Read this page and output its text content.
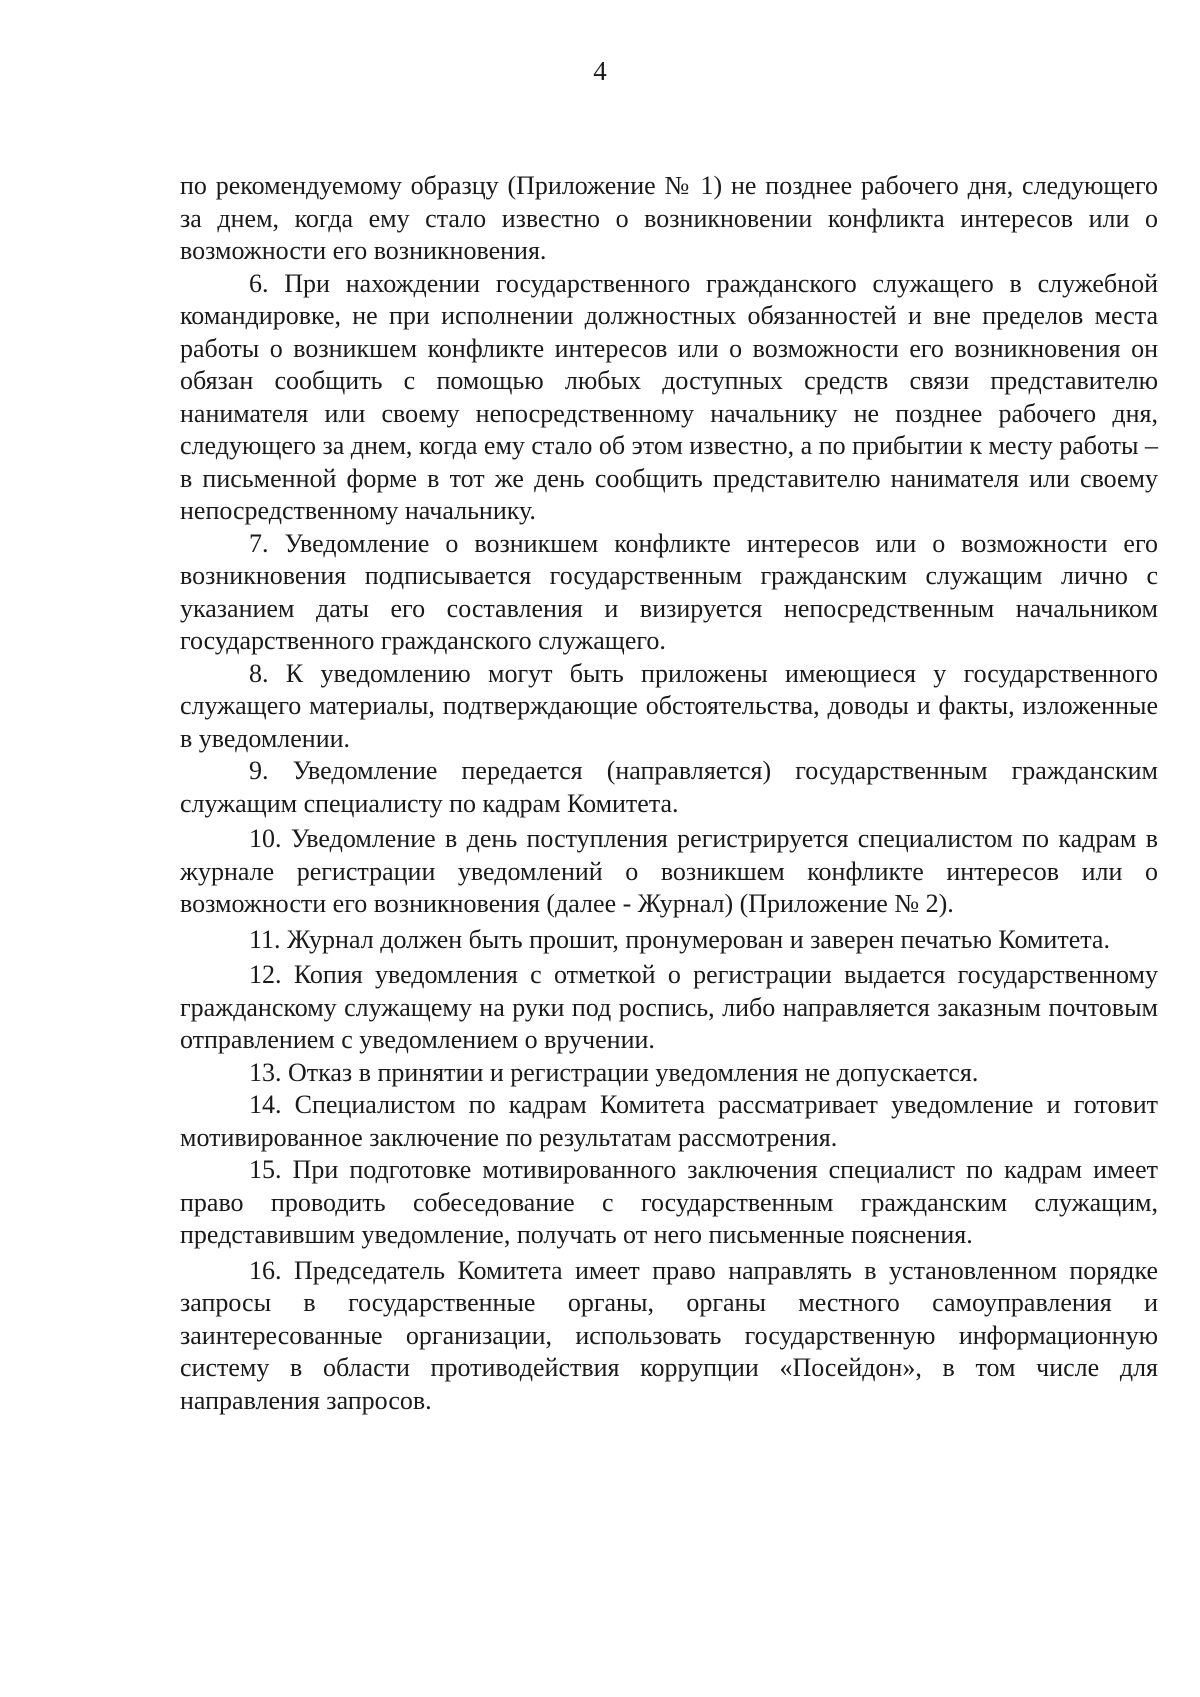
4

по рекомендуемому образцу (Приложение № 1) не позднее рабочего дня, следующего за днем, когда ему стало известно о возникновении конфликта интересов или о возможности его возникновения.

6. При нахождении государственного гражданского служащего в служебной командировке, не при исполнении должностных обязанностей и вне пределов места работы о возникшем конфликте интересов или о возможности его возникновения он обязан сообщить с помощью любых доступных средств связи представителю нанимателя или своему непосредственному начальнику не позднее рабочего дня, следующего за днем, когда ему стало об этом известно, а по прибытии к месту работы – в письменной форме в тот же день сообщить представителю нанимателя или своему непосредственному начальнику.

7. Уведомление о возникшем конфликте интересов или о возможности его возникновения подписывается государственным гражданским служащим лично с указанием даты его составления и визируется непосредственным начальником государственного гражданского служащего.

8. К уведомлению могут быть приложены имеющиеся у государственного служащего материалы, подтверждающие обстоятельства, доводы и факты, изложенные в уведомлении.

9. Уведомление передается (направляется) государственным гражданским служащим специалисту по кадрам Комитета.

10. Уведомление в день поступления регистрируется специалистом по кадрам в журнале регистрации уведомлений о возникшем конфликте интересов или о возможности его возникновения (далее - Журнал) (Приложение № 2).

11. Журнал должен быть прошит, пронумерован и заверен печатью Комитета.

12. Копия уведомления с отметкой о регистрации выдается государственному гражданскому служащему на руки под роспись, либо направляется заказным почтовым отправлением с уведомлением о вручении.

13. Отказ в принятии и регистрации уведомления не допускается.

14. Специалистом по кадрам Комитета рассматривает уведомление и готовит мотивированное заключение по результатам рассмотрения.

15. При подготовке мотивированного заключения специалист по кадрам имеет право проводить собеседование с государственным гражданским служащим, представившим уведомление, получать от него письменные пояснения.

16. Председатель Комитета имеет право направлять в установленном порядке запросы в государственные органы, органы местного самоуправления и заинтересованные организации, использовать государственную информационную систему в области противодействия коррупции «Посейдон», в том числе для направления запросов.
